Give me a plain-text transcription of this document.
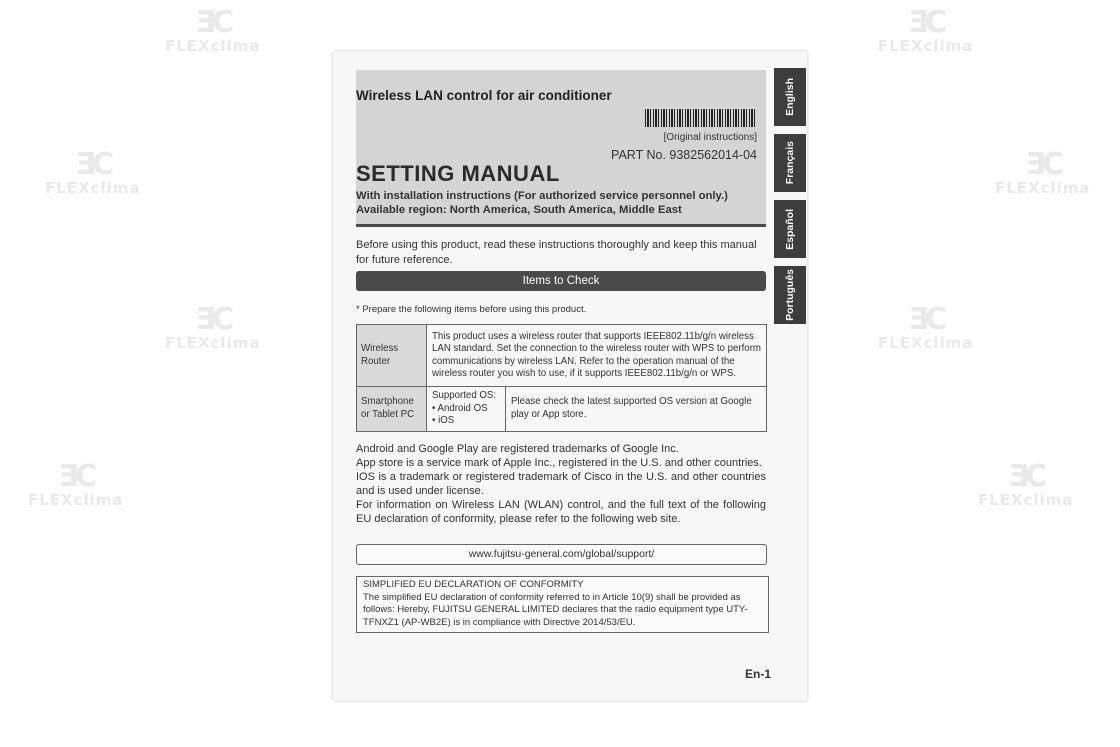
ƎC
FLEXclima
ƎC
FLEXclima
ƎC
FLEXclima
ƎC
FLEXclima
ƎC
FLEXclima
ƎC
FLEXclima
ƎC
FLEXclima
ƎC
FLEXclima
Wireless LAN control for air conditioner
[Original instructions]
PART No. 9382562014-04
SETTING MANUAL
With installation instructions (For authorized service personnel only.)
Available region: North America, South America, Middle East
English
Français
Español
Português
Before using this product, read these instructions thoroughly and keep this manual for future reference.
Items to Check
* Prepare the following items before using this product.
Wireless Router	This product uses a wireless router that supports IEEE802.11b/g/n wireless LAN standard. Set the connection to the wireless router with WPS to perform communications by wireless LAN. Refer to the operation manual of the wireless router you wish to use, if it supports IEEE802.11b/g/n or WPS.	
Smartphone or Tablet PC	Supported OS:
• Android OS
• iOS	Please check the latest supported OS version at Google play or App store.
Android and Google Play are registered trademarks of Google Inc.
App store is a service mark of Apple Inc., registered in the U.S. and other countries.
IOS is a trademark or registered trademark of Cisco in the U.S. and other countries and is used under license.
For information on Wireless LAN (WLAN) control, and the full text of the following EU declaration of conformity, please refer to the following web site.
www.fujitsu-general.com/global/support/
SIMPLIFIED EU DECLARATION OF CONFORMITY
The simplified EU declaration of conformity referred to in Article 10(9) shall be provided as follows: Hereby, FUJITSU GENERAL LIMITED declares that the radio equipment type UTY-TFNXZ1 (AP-WB2E) is in compliance with Directive 2014/53/EU.
En-1
